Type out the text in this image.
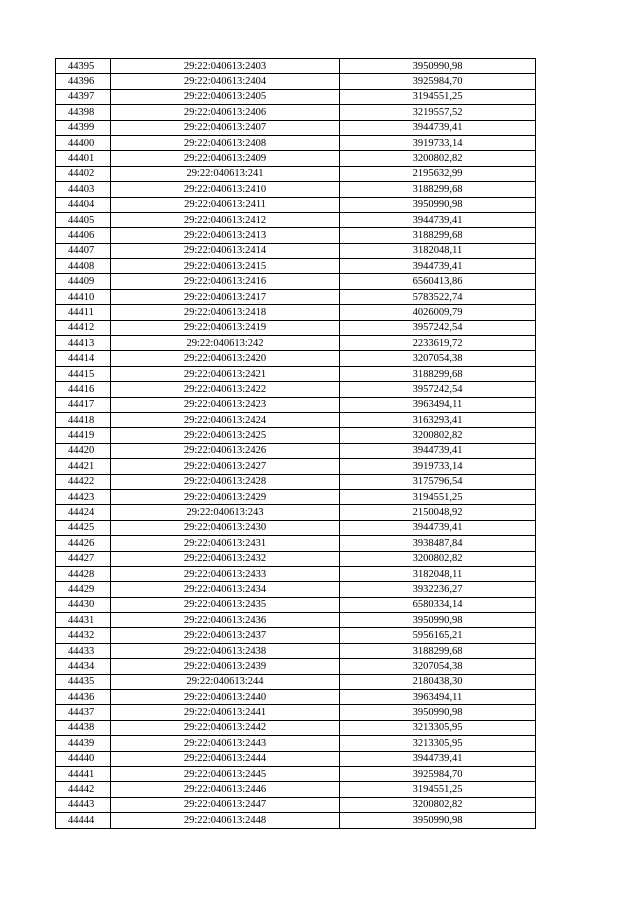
44395	29:22:040613:2403	3950990,98
44396	29:22:040613:2404	3925984,70
44397	29:22:040613:2405	3194551,25
44398	29:22:040613:2406	3219557,52
44399	29:22:040613:2407	3944739,41
44400	29:22:040613:2408	3919733,14
44401	29:22:040613:2409	3200802,82
44402	29:22:040613:241	2195632,99
44403	29:22:040613:2410	3188299,68
44404	29:22:040613:2411	3950990,98
44405	29:22:040613:2412	3944739,41
44406	29:22:040613:2413	3188299,68
44407	29:22:040613:2414	3182048,11
44408	29:22:040613:2415	3944739,41
44409	29:22:040613:2416	6560413,86
44410	29:22:040613:2417	5783522,74
44411	29:22:040613:2418	4026009,79
44412	29:22:040613:2419	3957242,54
44413	29:22:040613:242	2233619,72
44414	29:22:040613:2420	3207054,38
44415	29:22:040613:2421	3188299,68
44416	29:22:040613:2422	3957242,54
44417	29:22:040613:2423	3963494,11
44418	29:22:040613:2424	3163293,41
44419	29:22:040613:2425	3200802,82
44420	29:22:040613:2426	3944739,41
44421	29:22:040613:2427	3919733,14
44422	29:22:040613:2428	3175796,54
44423	29:22:040613:2429	3194551,25
44424	29:22:040613:243	2150048,92
44425	29:22:040613:2430	3944739,41
44426	29:22:040613:2431	3938487,84
44427	29:22:040613:2432	3200802,82
44428	29:22:040613:2433	3182048,11
44429	29:22:040613:2434	3932236,27
44430	29:22:040613:2435	6580334,14
44431	29:22:040613:2436	3950990,98
44432	29:22:040613:2437	5956165,21
44433	29:22:040613:2438	3188299,68
44434	29:22:040613:2439	3207054,38
44435	29:22:040613:244	2180438,30
44436	29:22:040613:2440	3963494,11
44437	29:22:040613:2441	3950990,98
44438	29:22:040613:2442	3213305,95
44439	29:22:040613:2443	3213305,95
44440	29:22:040613:2444	3944739,41
44441	29:22:040613:2445	3925984,70
44442	29:22:040613:2446	3194551,25
44443	29:22:040613:2447	3200802,82
44444	29:22:040613:2448	3950990,98
